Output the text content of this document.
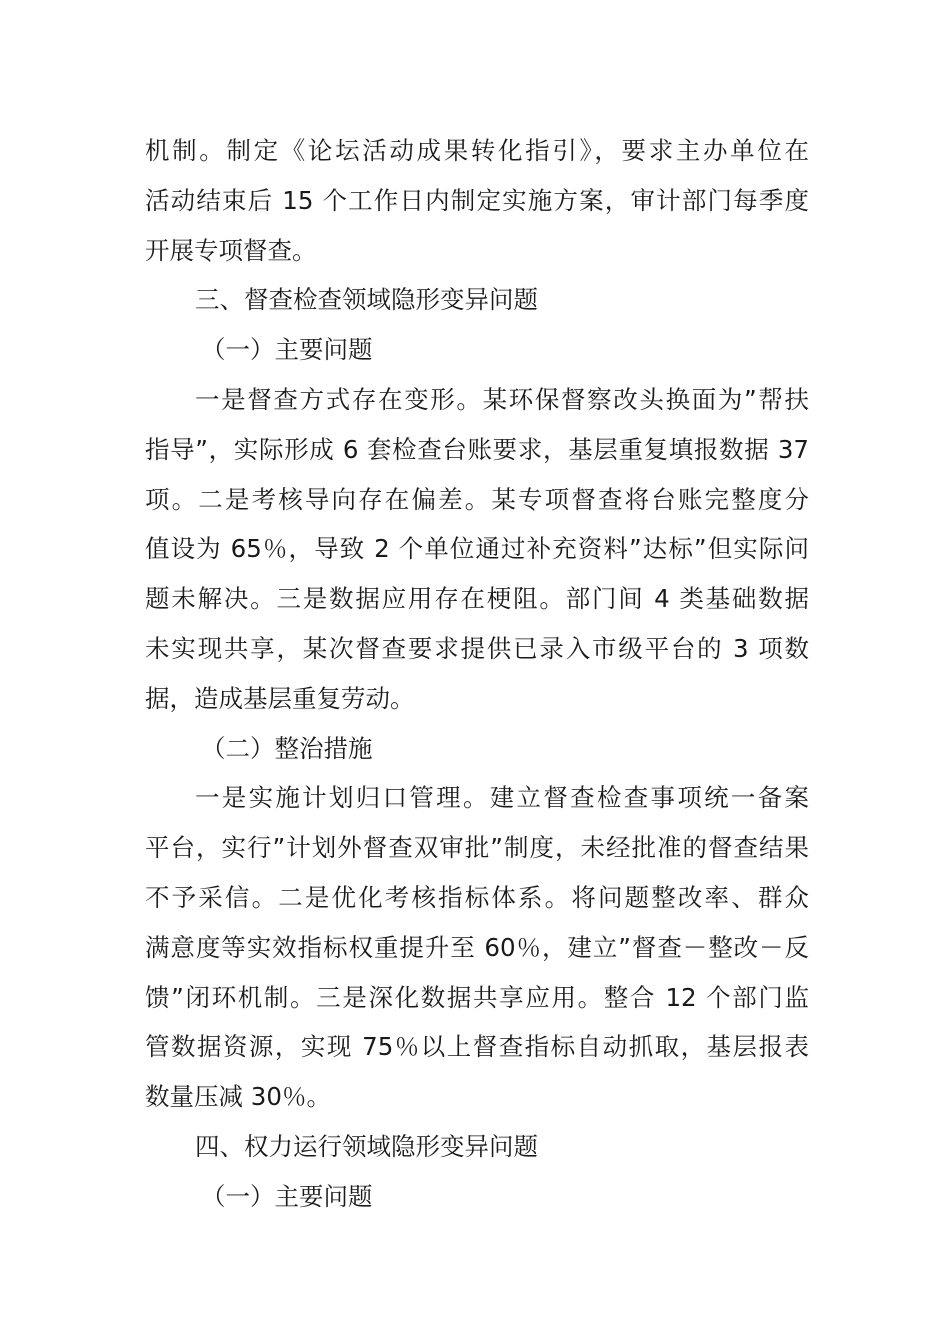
机制。制定《论坛活动成果转化指引》，要求主办单位在
活动结束后 15 个工作日内制定实施方案，审计部门每季度
开展专项督查。
三、督查检查领域隐形变异问题
（一）主要问题
一是督查方式存在变形。某环保督察改头换面为”帮扶
指导”，实际形成 6 套检查台账要求，基层重复填报数据 37
项。二是考核导向存在偏差。某专项督查将台账完整度分
值设为 65％，导致 2 个单位通过补充资料”达标”但实际问
题未解决。三是数据应用存在梗阻。部门间 4 类基础数据
未实现共享，某次督查要求提供已录入市级平台的 3 项数
据，造成基层重复劳动。
（二）整治措施
一是实施计划归口管理。建立督查检查事项统一备案
平台，实行”计划外督查双审批”制度，未经批准的督查结果
不予采信。二是优化考核指标体系。将问题整改率、群众
满意度等实效指标权重提升至 60％，建立”督查－整改－反
馈”闭环机制。三是深化数据共享应用。整合 12 个部门监
管数据资源，实现 75％以上督查指标自动抓取，基层报表
数量压减 30％。
四、权力运行领域隐形变异问题
（一）主要问题
